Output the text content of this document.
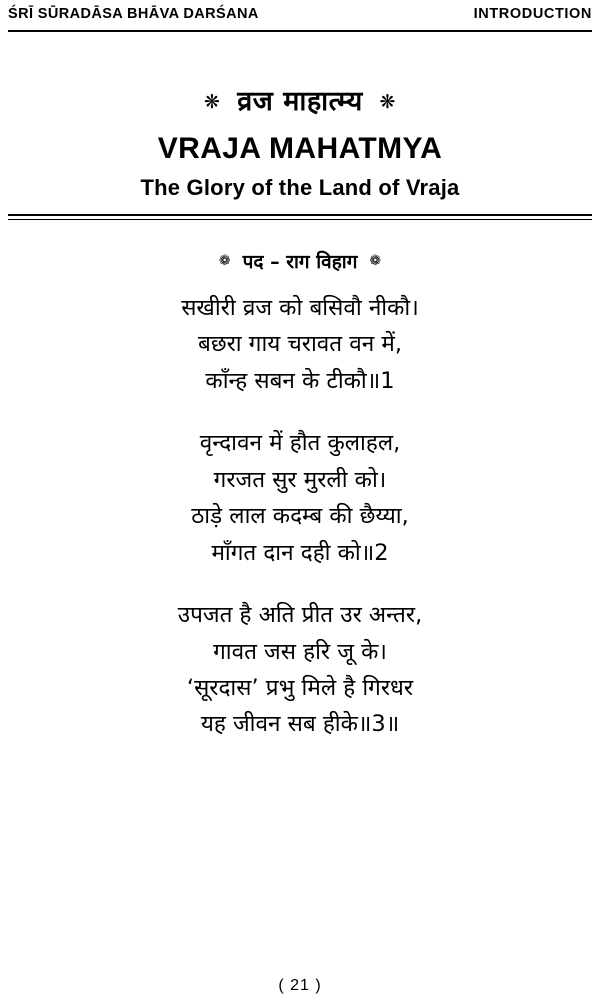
ŚRĪ SŪRADĀSA BHĀVA DARŚANA	INTRODUCTION
❋ व्रज माहात्म्य ❋
VRAJA MAHATMYA
The Glory of the Land of Vraja
❁ पद – राग विहाग ❁
सखीरी व्रज को बसिवौ नीकौ।
बछरा गाय चरावत वन में,
काँन्ह सबन के टीकौ॥1
वृन्दावन में हौत कुलाहल,
गरजत सुर मुरली को।
ठाड़े लाल कदम्ब की छैय्या,
माँगत दान दही को॥2
उपजत है अति प्रीत उर अन्तर,
गावत जस हरि जू के।
‘सूरदास’ प्रभु मिले है गिरधर
यह जीवन सब हीके॥3॥
( 21 )
